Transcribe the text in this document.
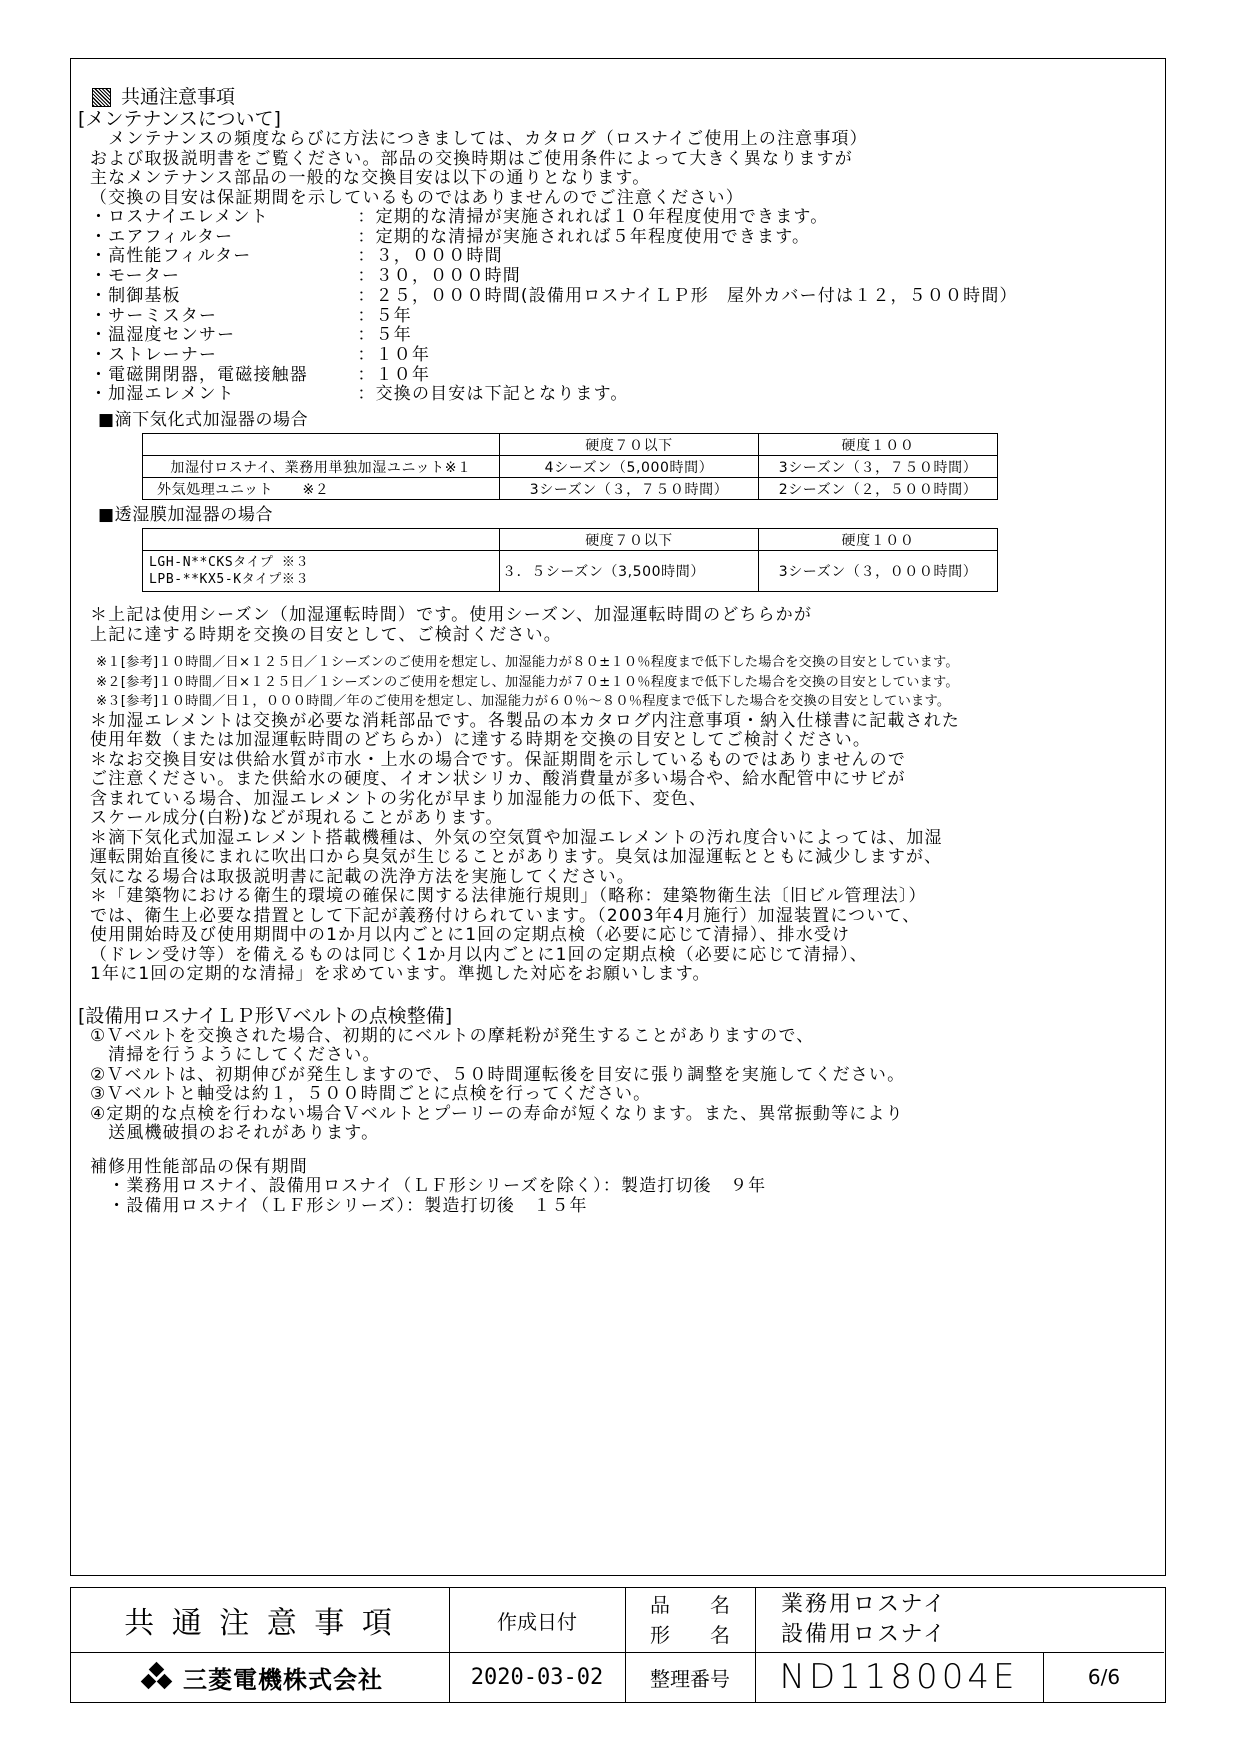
共通注意事項
[メンテナンスについて]
　メンテナンスの頻度ならびに方法につきましては、カタログ（ロスナイご使用上の注意事項）
および取扱説明書をご覧ください。部品の交換時期はご使用条件によって大きく異なりますが
主なメンテナンス部品の一般的な交換目安は以下の通りとなります。
（交換の目安は保証期間を示しているものではありませんのでご注意ください）
・ロスナイエレメント	：定期的な清掃が実施されれば１０年程度使用できます。
・エアフィルター	：定期的な清掃が実施されれば５年程度使用できます。
・高性能フィルター	：３，０００時間
・モーター	：３０，０００時間
・制御基板	：２５，０００時間(設備用ロスナイＬＰ形　屋外カバー付は１２，５００時間）
・サーミスター	：５年
・温湿度センサー	：５年
・ストレーナー	：１０年
・電磁開閉器，電磁接触器	：１０年
・加湿エレメント	：交換の目安は下記となります。
■滴下気化式加湿器の場合
	硬度７０以下	硬度１００
加湿付ロスナイ、業務用単独加湿ユニット※１	4シーズン（5,000時間）	3シーズン（３，７５０時間）
外気処理ユニット　　※２	3シーズン（３，７５０時間）	2シーズン（２，５００時間）
■透湿膜加湿器の場合
	硬度７０以下	硬度１００

LGH-N**CKSタイプ ※３
LPB-**KX5-Kタイプ※３	３．５シーズン（3,500時間）	3シーズン（３，０００時間）
＊上記は使用シーズン（加湿運転時間）です。使用シーズン、加湿運転時間のどちらかが
上記に達する時期を交換の目安として、ご検討ください。
※１[参考]１０時間／日×１２５日／１シーズンのご使用を想定し、加湿能力が８０±１０％程度まで低下した場合を交換の目安としています。
※２[参考]１０時間／日×１２５日／１シーズンのご使用を想定し、加湿能力が７０±１０％程度まで低下した場合を交換の目安としています。
※３[参考]１０時間／日１，０００時間／年のご使用を想定し、加湿能力が６０％～８０％程度まで低下した場合を交換の目安としています。
＊加湿エレメントは交換が必要な消耗部品です。各製品の本カタログ内注意事項・納入仕様書に記載された
使用年数（または加湿運転時間のどちらか）に達する時期を交換の目安としてご検討ください。
＊なお交換目安は供給水質が市水・上水の場合です。保証期間を示しているものではありませんので
ご注意ください。また供給水の硬度、イオン状シリカ、酸消費量が多い場合や、給水配管中にサビが
含まれている場合、加湿エレメントの劣化が早まり加湿能力の低下、変色、
スケール成分(白粉)などが現れることがあります。
＊滴下気化式加湿エレメント搭載機種は、外気の空気質や加湿エレメントの汚れ度合いによっては、加湿
運転開始直後にまれに吹出口から臭気が生じることがあります。臭気は加湿運転とともに減少しますが、
気になる場合は取扱説明書に記載の洗浄方法を実施してください。
＊「建築物における衛生的環境の確保に関する法律施行規則」（略称：建築物衛生法〔旧ビル管理法〕）
では、衛生上必要な措置として下記が義務付けられています。（2003年4月施行）加湿装置について、
使用開始時及び使用期間中の1か月以内ごとに1回の定期点検（必要に応じて清掃）、排水受け
（ドレン受け等）を備えるものは同じく1か月以内ごとに1回の定期点検（必要に応じて清掃）、
1年に1回の定期的な清掃」を求めています。準拠した対応をお願いします。
[設備用ロスナイＬＰ形Ｖベルトの点検整備]
①Ｖベルトを交換された場合、初期的にベルトの摩耗粉が発生することがありますので、
　清掃を行うようにしてください。
②Ｖベルトは、初期伸びが発生しますので、５０時間運転後を目安に張り調整を実施してください。
③Ｖベルトと軸受は約１，５００時間ごとに点検を行ってください。
④定期的な点検を行わない場合Ｖベルトとプーリーの寿命が短くなります。また、異常振動等により
　送風機破損のおそれがあります。
補修用性能部品の保有期間
　・業務用ロスナイ、設備用ロスナイ（ＬＦ形シリーズを除く）：製造打切後　９年
　・設備用ロスナイ（ＬＦ形シリーズ）：製造打切後　１５年
共 通 注 意 事 項	作成日付
品　　名
形　　名
業務用ロスナイ
設備用ロスナイ
三菱電機株式会社	2020-03-02	整理番号	ND118004E	6/6
